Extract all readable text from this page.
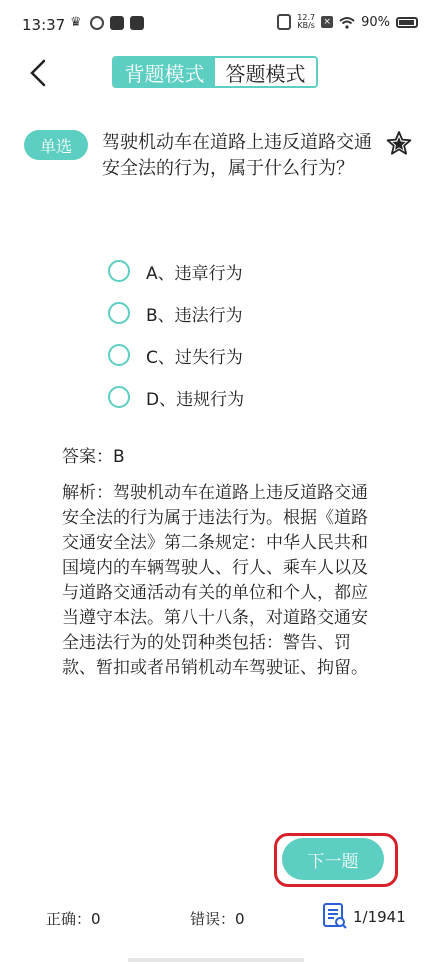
13:37 ♛	12.7
KB/s × 90%
背题模式	答题模式
单选	驾驶机动车在道路上违反道路交通安全法的行为，属于什么行为？
A、违章行为
B、违法行为
C、过失行为
D、违规行为
答案：B
解析：驾驶机动车在道路上违反道路交通安全法的行为属于违法行为。根据《道路交通安全法》第二条规定：中华人民共和国境内的车辆驾驶人、行人、乘车人以及与道路交通活动有关的单位和个人，都应当遵守本法。第八十八条，对道路交通安全违法行为的处罚种类包括：警告、罚款、暂扣或者吊销机动车驾驶证、拘留。
下一题
正确：0	错误：0	1/1941
